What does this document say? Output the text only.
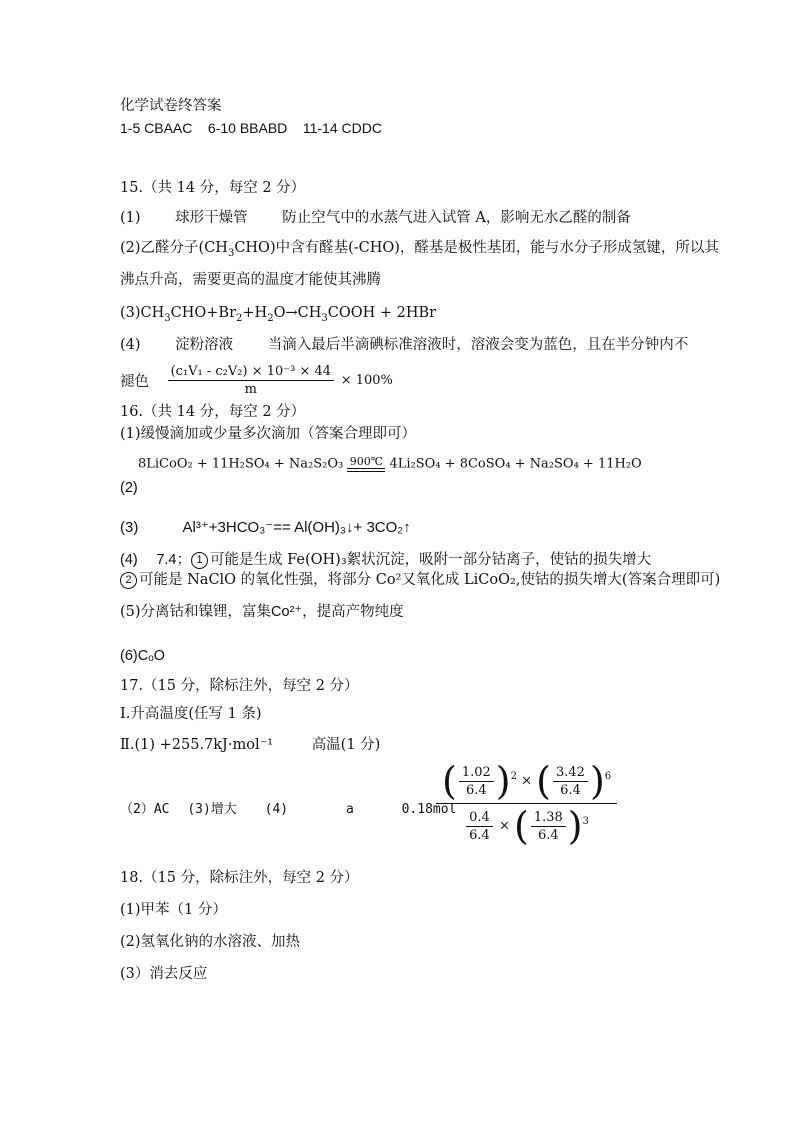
化学试卷终答案
1-5 CBAAC    6-10 BBABD    11-14 CDDC
15.（共 14 分，每空 2 分）
(1) 球形干燥管 防止空气中的水蒸气进入试管 A，影响无水乙醛的制备
(2)乙醛分子$(CH_3CHO)$中含有醛基(-CHO)，醛基是极性基团，能与水分子形成氢键，所以其
沸点升高，需要更高的温度才能使其沸腾
$(3)CH_3CHO+Br_2+H_2O\to CH_3COOH + 2HBr$
(4) 淀粉溶液 当滴入最后半滴碘标准溶液时，溶液会变为蓝色，且在半分钟内不
褪色 $\frac{\text{(c₁V₁ - c₂V₂) × 10⁻³ × 44}}{m} \times 100\%$
16.（共 14 分，每空 2 分）
(1)缓慢滴加或少量多次滴加（答案合理即可）
8LiCoO₂ + 11H₂SO₄ + Na₂S₂O₃ 900℃ 4Li₂SO₄ + 8CoSO₄ + Na₂SO₄ + 11H₂O
(2)
(3)	Al³⁺+3HCO₃⁻== Al(OH)₃↓+ 3CO₂↑
(4) 7.4； 1 可能是生成 Fe(OH)₃絮状沉淀，吸附一部分钴离子，使钴的损失增大
2 可能是 NaClO 的氧化性强，将部分 Co²又氧化成 LiCoO₂,使钴的损失增大(答案合理即可)
(5)分离钴和镍锂，富集Co²⁺，提高产物纯度
(6)CₒO
17.（15 分，除标注外，每空 2 分）
Ⅰ.升高温度(任写 1 条)
Ⅱ.(1) +255.7kJ·mol⁻¹	高温(1 分)
（2）AC (3)增大 (4)	a	0.18mol
$\frac{( \frac{1.02}{6.4} )^2 \times ( \frac{3.42}{6.4} )^6}{\frac{0.4}{6.4} \times ( \frac{1.38}{6.4} )^3}$
18.（15 分，除标注外，每空 2 分）
(1)甲苯（1 分）
(2)氢氧化钠的水溶液、加热
(3）消去反应
